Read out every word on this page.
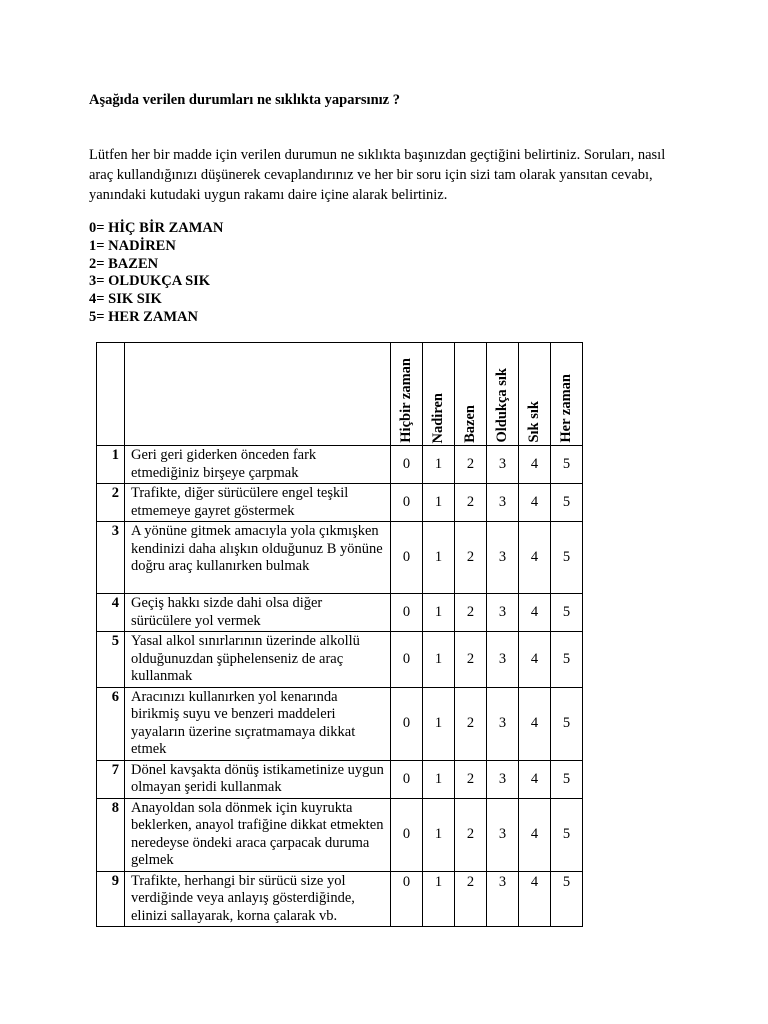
Aşağıda verilen durumları ne sıklıkta yaparsınız ?

Lütfen her bir madde için verilen durumun ne sıklıkta başınızdan geçtiğini belirtiniz. Soruları, nasıl araç kullandığınızı düşünerek cevaplandırınız ve her bir soru için sizi tam olarak yansıtan cevabı, yanındaki kutudaki uygun rakamı daire içine alarak belirtiniz.

0= HİÇ BİR ZAMAN
1= NADİREN
2= BAZEN
3= OLDUKÇA SIK
4= SIK SIK
5= HER ZAMAN

		Hiçbir zaman	Nadiren	Bazen	Oldukça sık	Sık sık	Her zaman

1	Geri geri giderken önceden fark etmediğiniz birşeye çarpmak	0	1	2	3	4	5
2	Trafikte, diğer sürücülere engel teşkil etmemeye gayret göstermek	0	1	2	3	4	5
3	A yönüne gitmek amacıyla yola çıkmışken kendinizi daha alışkın olduğunuz B yönüne doğru araç kullanırken bulmak	0	1	2	3	4	5
4	Geçiş hakkı sizde dahi olsa diğer sürücülere yol vermek	0	1	2	3	4	5
5	Yasal alkol sınırlarının üzerinde alkollü olduğunuzdan şüphelenseniz de araç kullanmak	0	1	2	3	4	5
6	Aracınızı kullanırken yol kenarında birikmiş suyu ve benzeri maddeleri yayaların üzerine sıçratmamaya dikkat etmek	0	1	2	3	4	5
7	Dönel kavşakta dönüş istikametinize uygun olmayan şeridi kullanmak	0	1	2	3	4	5
8	Anayoldan sola dönmek için kuyrukta beklerken, anayol trafiğine dikkat etmekten neredeyse öndeki araca çarpacak duruma gelmek	0	1	2	3	4	5
9	Trafikte, herhangi bir sürücü size yol verdiğinde veya anlayış gösterdiğinde, elinizi sallayarak, korna çalarak vb.	0	1	2	3	4	5
